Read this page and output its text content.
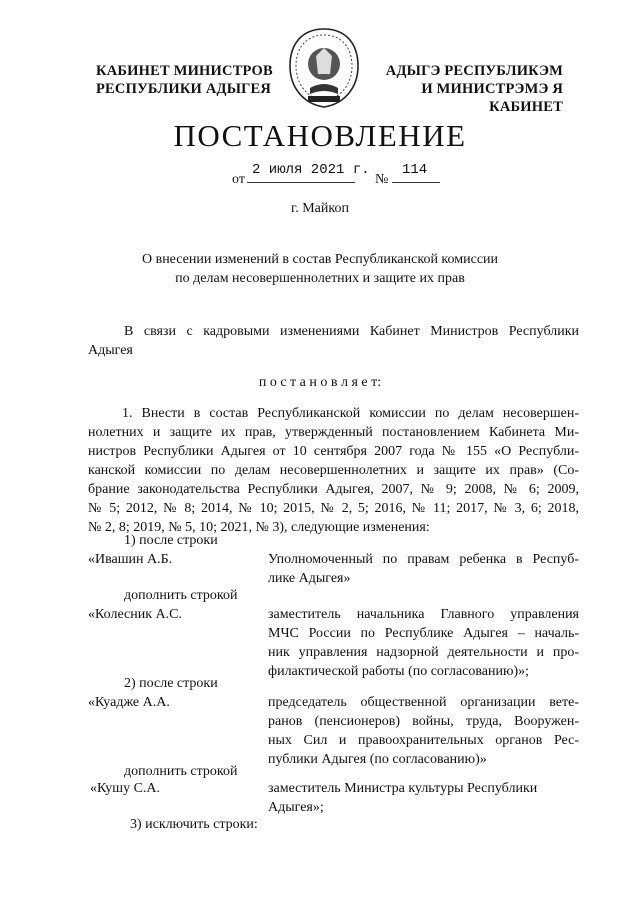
КАБИНЕТ МИНИСТРОВ
РЕСПУБЛИКИ АДЫГЕЯ
АДЫГЭ РЕСПУБЛИКЭМ
И МИНИСТРЭМЭ Я КАБИНЕТ
ПОСТАНОВЛЕНИЕ
от
2 июля 2021 г.
№
114
г. Майкоп
О внесении изменений в состав Республиканской комиссии
по делам несовершеннолетних и защите их прав
В связи с кадровыми изменениями Кабинет Министров Республики
Адыгея
п о с т а н о в л я е т:
1. Внести в состав Республиканской комиссии по делам несовершен-
нолетних и защите их прав, утвержденный постановлением Кабинета Ми-
нистров Республики Адыгея от 10 сентября 2007 года № 155 «О Республи-
канской комиссии по делам несовершеннолетних и защите их прав» (Со-
брание законодательства Республики Адыгея, 2007, № 9; 2008, № 6; 2009,
№ 5; 2012, № 8; 2014, № 10; 2015, № 2, 5; 2016, № 11; 2017, № 3, 6; 2018,
№ 2, 8; 2019, № 5, 10; 2021, № 3), следующие изменения:
1) после строки
«Ивашин А.Б.	Уполномоченный по правам ребенка в Респуб-
лике Адыгея»
дополнить строкой
«Колесник А.С.	заместитель начальника Главного управления
МЧС России по Республике Адыгея – началь-
ник управления надзорной деятельности и про-
филактической работы (по согласованию)»;
2) после строки
«Куадже А.А.	председатель общественной организации вете-
ранов (пенсионеров) войны, труда, Вооружен-
ных Сил и правоохранительных органов Рес-
публики Адыгея (по согласованию)»
дополнить строкой
«Кушу С.А.	заместитель Министра культуры Республики
Адыгея»;
3) исключить строки:
